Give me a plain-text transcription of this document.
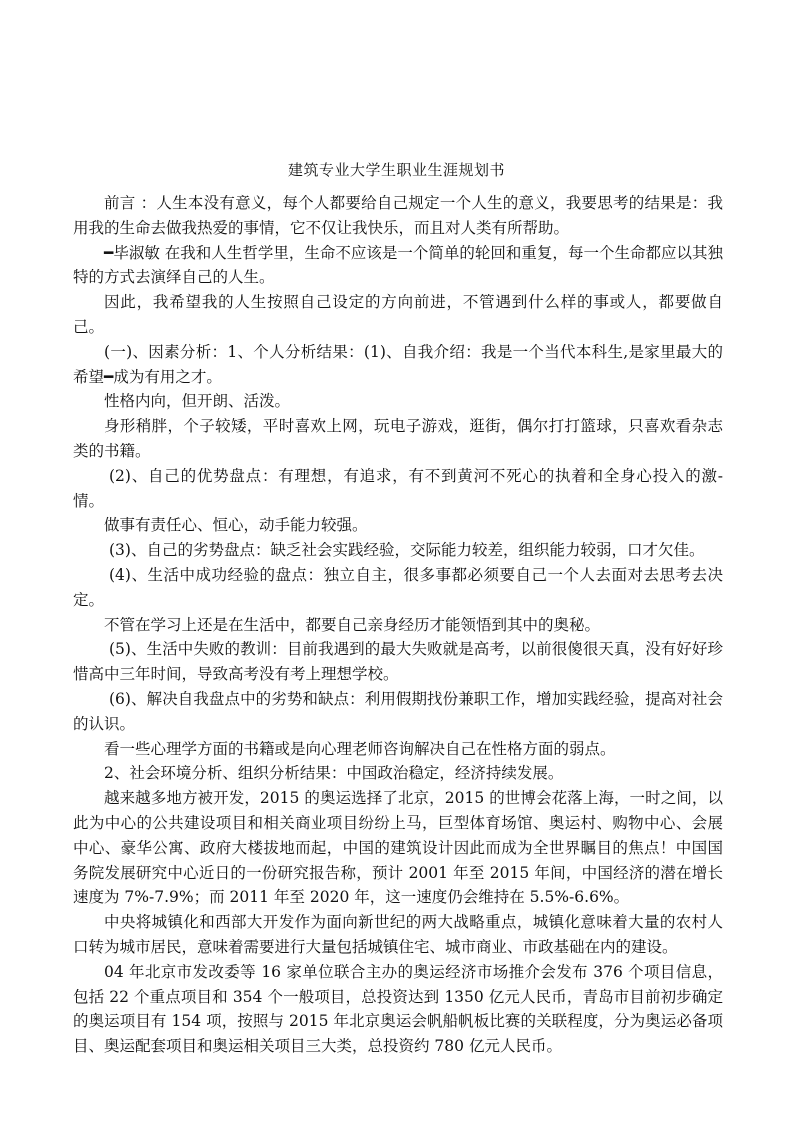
建筑专业大学生职业生涯规划书

前言 ：人生本没有意义，每个人都要给自己规定一个人生的意义，我要思考的结果是：我用我的生命去做我热爱的事情，它不仅让我快乐，而且对人类有所帮助。

━毕淑敏 在我和人生哲学里，生命不应该是一个简单的轮回和重复，每一个生命都应以其独特的方式去演绎自己的人生。

因此，我希望我的人生按照自己设定的方向前进，不管遇到什么样的事或人，都要做自己。

(一)、因素分析：1、个人分析结果：(1)、自我介绍：我是一个当代本科生,是家里最大的希望━成为有用之才。

性格内向，但开朗、活泼。

身形稍胖，个子较矮，平时喜欢上网，玩电子游戏，逛街，偶尔打打篮球，只喜欢看杂志类的书籍。

(2)、自己的优势盘点：有理想，有追求，有不到黄河不死心的执着和全身心投入的激-情。

做事有责任心、恒心，动手能力较强。

(3)、自己的劣势盘点：缺乏社会实践经验，交际能力较差，组织能力较弱，口才欠佳。

(4)、生活中成功经验的盘点：独立自主，很多事都必须要自己一个人去面对去思考去决定。

不管在学习上还是在生活中，都要自己亲身经历才能领悟到其中的奥秘。

(5)、生活中失败的教训：目前我遇到的最大失败就是高考，以前很傻很天真，没有好好珍惜高中三年时间，导致高考没有考上理想学校。

(6)、解决自我盘点中的劣势和缺点：利用假期找份兼职工作，增加实践经验，提高对社会的认识。

看一些心理学方面的书籍或是向心理老师咨询解决自己在性格方面的弱点。

2、社会环境分析、组织分析结果：中国政治稳定，经济持续发展。

越来越多地方被开发，2015 的奥运选择了北京，2015 的世博会花落上海，一时之间，以此为中心的公共建设项目和相关商业项目纷纷上马，巨型体育场馆、奥运村、购物中心、会展中心、豪华公寓、政府大楼拔地而起，中国的建筑设计因此而成为全世界瞩目的焦点！中国国务院发展研究中心近日的一份研究报告称，预计 2001 年至 2015 年间，中国经济的潜在增长速度为 7%-7.9%；而 2011 年至 2020 年，这一速度仍会维持在 5.5%-6.6%。

中央将城镇化和西部大开发作为面向新世纪的两大战略重点，城镇化意味着大量的农村人口转为城市居民，意味着需要进行大量包括城镇住宅、城市商业、市政基础在内的建设。

04 年北京市发改委等 16 家单位联合主办的奥运经济市场推介会发布 376 个项目信息，包括 22 个重点项目和 354 个一般项目，总投资达到 1350 亿元人民币，青岛市目前初步确定的奥运项目有 154 项，按照与 2015 年北京奥运会帆船帆板比赛的关联程度，分为奥运必备项目、奥运配套项目和奥运相关项目三大类，总投资约 780 亿元人民币。
